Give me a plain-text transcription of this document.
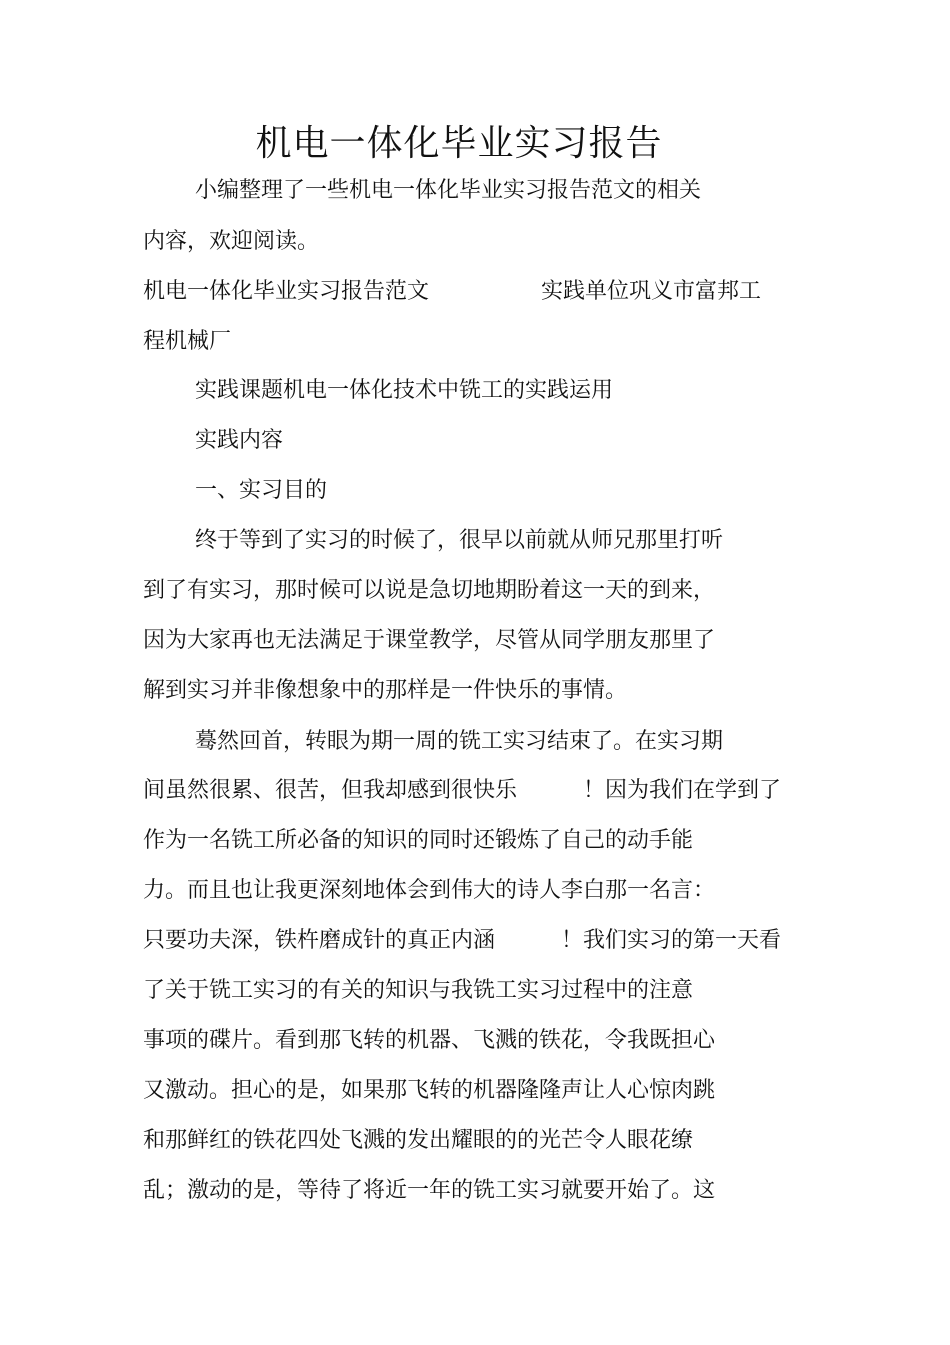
机电一体化毕业实习报告
小编整理了一些机电一体化毕业实习报告范文的相关
内容，欢迎阅读。
机电一体化毕业实习报告范文	实践单位巩义市富邦工
程机械厂
实践课题机电一体化技术中铣工的实践运用
实践内容
一、实习目的
终于等到了实习的时候了，很早以前就从师兄那里打听
到了有实习，那时候可以说是急切地期盼着这一天的到来，
因为大家再也无法满足于课堂教学，尽管从同学朋友那里了
解到实习并非像想象中的那样是一件快乐的事情。
蓦然回首，转眼为期一周的铣工实习结束了。在实习期
间虽然很累、很苦，但我却感到很快乐	！因为我们在学到了
作为一名铣工所必备的知识的同时还锻炼了自己的动手能
力。而且也让我更深刻地体会到伟大的诗人李白那一名言：
只要功夫深，铁杵磨成针的真正内涵	！我们实习的第一天看
了关于铣工实习的有关的知识与我铣工实习过程中的注意
事项的碟片。看到那飞转的机器、飞溅的铁花，令我既担心
又激动。担心的是，如果那飞转的机器隆隆声让人心惊肉跳
和那鲜红的铁花四处飞溅的发出耀眼的的光芒令人眼花缭
乱；激动的是，等待了将近一年的铣工实习就要开始了。这
